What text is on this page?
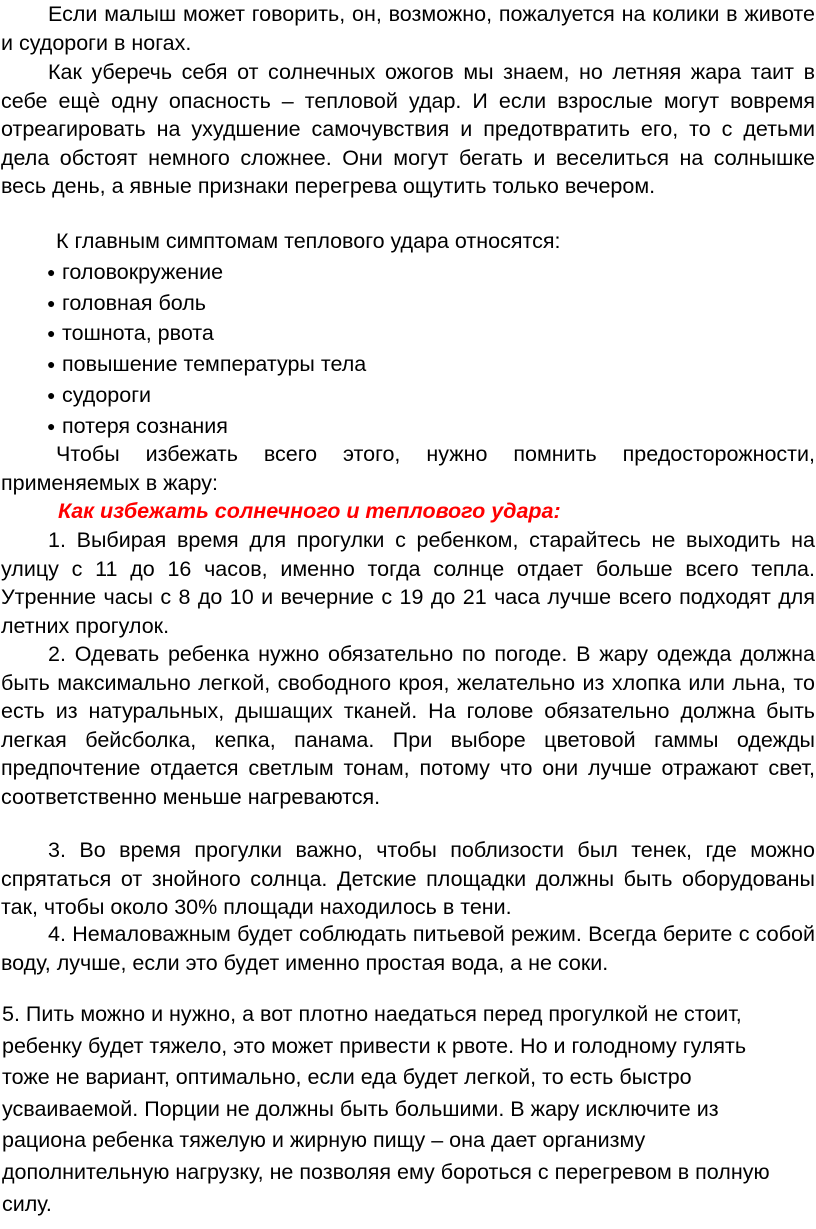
Если малыш может говорить, он, возможно, пожалуется на колики в животе и судороги в ногах.

Как уберечь себя от солнечных ожогов мы знаем, но летняя жара таит в себе ещѐ одну опасность – тепловой удар. И если взрослые могут вовремя отреагировать на ухудшение самочувствия и предотвратить его, то с детьми дела обстоят немного сложнее. Они могут бегать и веселиться на солнышке весь день, а явные признаки перегрева ощутить только вечером.

К главным симптомам теплового удара относятся:

● головокружение
● головная боль
● тошнота, рвота
● повышение температуры тела
● судороги
● потеря сознания

Чтобы избежать всего этого, нужно помнить предосторожности, применяемых в жару:

Как избежать солнечного и теплового удара:

1. Выбирая время для прогулки с ребенком, старайтесь не выходить на улицу с 11 до 16 часов, именно тогда солнце отдает больше всего тепла. Утренние часы с 8 до 10 и вечерние с 19 до 21 часа лучше всего подходят для летних прогулок.

2. Одевать ребенка нужно обязательно по погоде. В жару одежда должна быть максимально легкой, свободного кроя, желательно из хлопка или льна, то есть из натуральных, дышащих тканей. На голове обязательно должна быть легкая бейсболка, кепка, панама. При выборе цветовой гаммы одежды предпочтение отдается светлым тонам, потому что они лучше отражают свет, соответственно меньше нагреваются.

3. Во время прогулки важно, чтобы поблизости был тенек, где можно спрятаться от знойного солнца. Детские площадки должны быть оборудованы так, чтобы около 30% площади находилось в тени.

4. Немаловажным будет соблюдать питьевой режим. Всегда берите с собой воду, лучше, если это будет именно простая вода, а не соки.

5. Пить можно и нужно, а вот плотно наедаться перед прогулкой не стоит, ребенку будет тяжело, это может привести к рвоте. Но и голодному гулять тоже не вариант, оптимально, если еда будет легкой, то есть быстро усваиваемой. Порции не должны быть большими. В жару исключите из рациона ребенка тяжелую и жирную пищу – она дает организму дополнительную нагрузку, не позволяя ему бороться с перегревом в полную силу.
